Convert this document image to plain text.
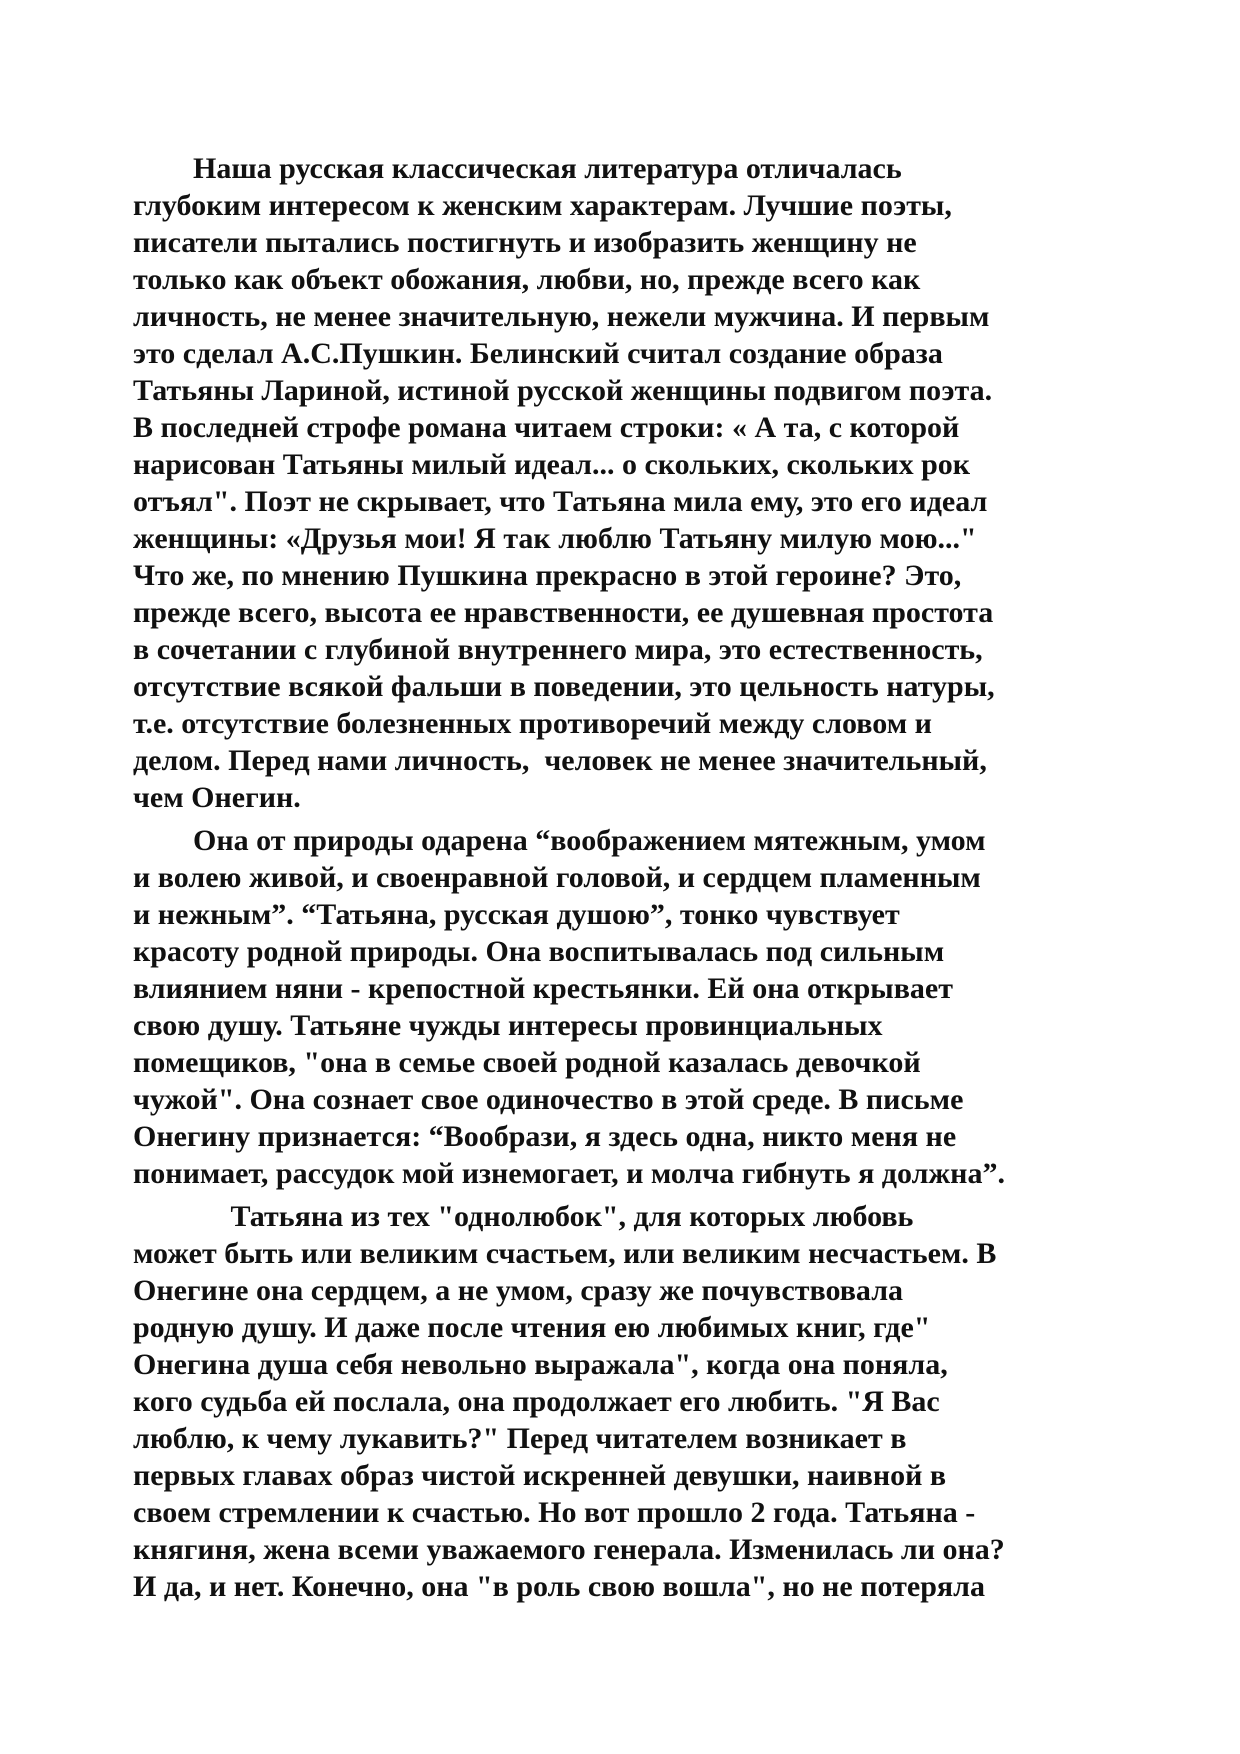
Наша русская классическая литература отличалась
глубоким интересом к женским характерам. Лучшие поэты,
писатели пытались постигнуть и изобразить женщину не
только как объект обожания, любви, но, прежде всего как
личность, не менее значительную, нежели мужчина. И первым
это сделал А.С.Пушкин. Белинский считал создание образа
Татьяны Лариной, истиной русской женщины подвигом поэта.
В последней строфе романа читаем строки: « А та, с которой
нарисован Татьяны милый идеал... о скольких, скольких рок
отъял". Поэт не скрывает, что Татьяна мила ему, это его идеал
женщины: «Друзья мои! Я так люблю Татьяну милую мою..."
Что же, по мнению Пушкина прекрасно в этой героине? Это,
прежде всего, высота ее нравственности, ее душевная простота
в сочетании с глубиной внутреннего мира, это естественность,
отсутствие всякой фальши в поведении, это цельность натуры,
т.е. отсутствие болезненных противоречий между словом и
делом. Перед нами личность,  человек не менее значительный,
чем Онегин.
Она от природы одарена “воображением мятежным, умом
и волею живой, и своенравной головой, и сердцем пламенным
и нежным”. “Татьяна, русская душою”, тонко чувствует
красоту родной природы. Она воспитывалась под сильным
влиянием няни - крепостной крестьянки. Ей она открывает
свою душу. Татьяне чужды интересы провинциальных
помещиков, "она в семье своей родной казалась девочкой
чужой". Она сознает свое одиночество в этой среде. В письме
Онегину признается: “Вообрази, я здесь одна, никто меня не
понимает, рассудок мой изнемогает, и молча гибнуть я должна”.
Татьяна из тех "однолюбок", для которых любовь
может быть или великим счастьем, или великим несчастьем. В
Онегине она сердцем, а не умом, сразу же почувствовала
родную душу. И даже после чтения ею любимых книг, где"
Онегина душа себя невольно выражала", когда она поняла,
кого судьба ей послала, она продолжает его любить. "Я Вас
люблю, к чему лукавить?" Перед читателем возникает в
первых главах образ чистой искренней девушки, наивной в
своем стремлении к счастью. Но вот прошло 2 года. Татьяна -
княгиня, жена всеми уважаемого генерала. Изменилась ли она?
И да, и нет. Конечно, она "в роль свою вошла", но не потеряла
